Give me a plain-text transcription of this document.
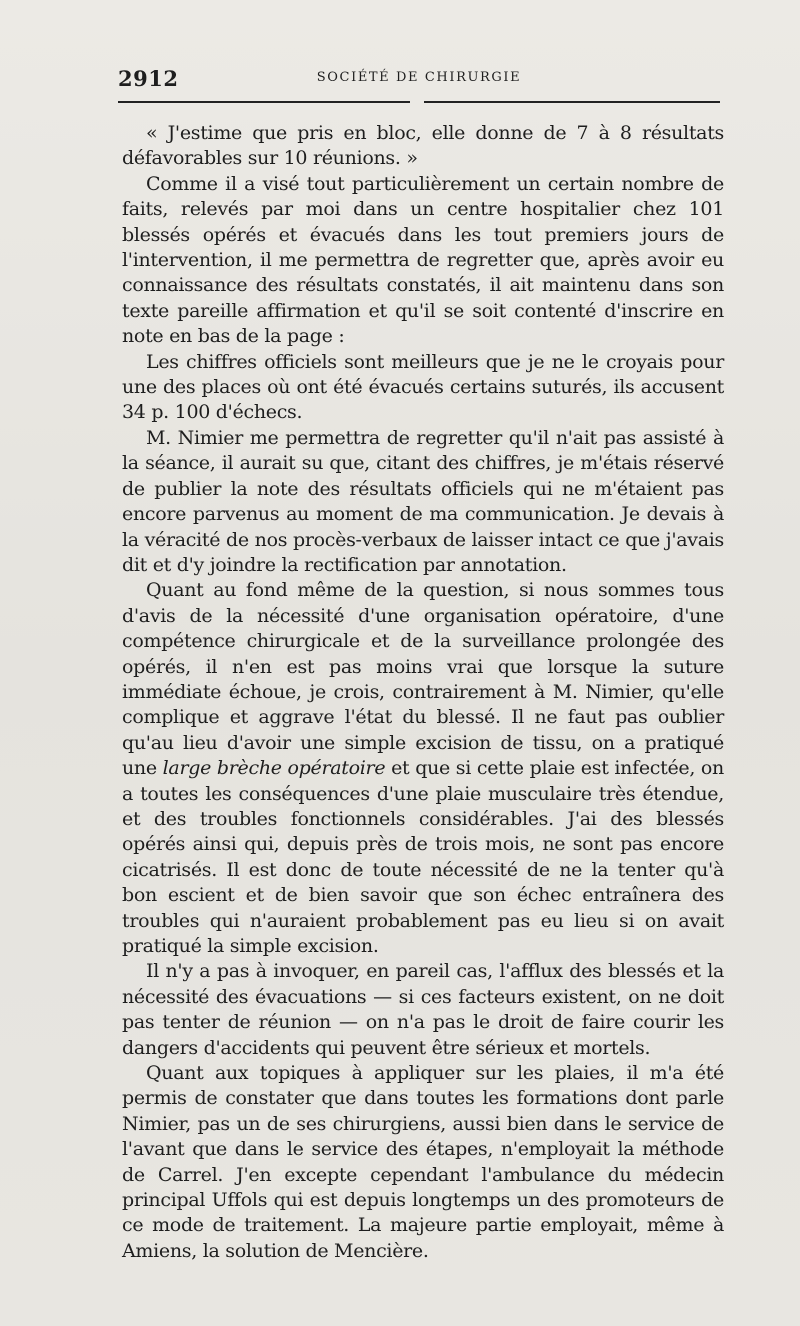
2912	SOCIÉTÉ DE CHIRURGIE

« J'estime que pris en bloc, elle donne de 7 à 8 résultats défavorables sur 10 réunions. »

Comme il a visé tout particulièrement un certain nombre de faits, relevés par moi dans un centre hospitalier chez 101 blessés opérés et évacués dans les tout premiers jours de l'intervention, il me permettra de regretter que, après avoir eu connaissance des résultats constatés, il ait maintenu dans son texte pareille affirmation et qu'il se soit contenté d'inscrire en note en bas de la page :

Les chiffres officiels sont meilleurs que je ne le croyais pour une des places où ont été évacués certains suturés, ils accusent 34 p. 100 d'échecs.

M. Nimier me permettra de regretter qu'il n'ait pas assisté à la séance, il aurait su que, citant des chiffres, je m'étais réservé de publier la note des résultats officiels qui ne m'étaient pas encore parvenus au moment de ma communication. Je devais à la véracité de nos procès-verbaux de laisser intact ce que j'avais dit et d'y joindre la rectification par annotation.

Quant au fond même de la question, si nous sommes tous d'avis de la nécessité d'une organisation opératoire, d'une compétence chirurgicale et de la surveillance prolongée des opérés, il n'en est pas moins vrai que lorsque la suture immédiate échoue, je crois, contrairement à M. Nimier, qu'elle complique et aggrave l'état du blessé. Il ne faut pas oublier qu'au lieu d'avoir une simple excision de tissu, on a pratiqué une large brèche opératoire et que si cette plaie est infectée, on a toutes les conséquences d'une plaie musculaire très étendue, et des troubles fonctionnels considérables. J'ai des blessés opérés ainsi qui, depuis près de trois mois, ne sont pas encore cicatrisés. Il est donc de toute nécessité de ne la tenter qu'à bon escient et de bien savoir que son échec entraînera des troubles qui n'auraient probablement pas eu lieu si on avait pratiqué la simple excision.

Il n'y a pas à invoquer, en pareil cas, l'afflux des blessés et la nécessité des évacuations — si ces facteurs existent, on ne doit pas tenter de réunion — on n'a pas le droit de faire courir les dangers d'accidents qui peuvent être sérieux et mortels.

Quant aux topiques à appliquer sur les plaies, il m'a été permis de constater que dans toutes les formations dont parle Nimier, pas un de ses chirurgiens, aussi bien dans le service de l'avant que dans le service des étapes, n'employait la méthode de Carrel. J'en excepte cependant l'ambulance du médecin principal Uffols qui est depuis longtemps un des promoteurs de ce mode de traitement. La majeure partie employait, même à Amiens, la solution de Mencière.
